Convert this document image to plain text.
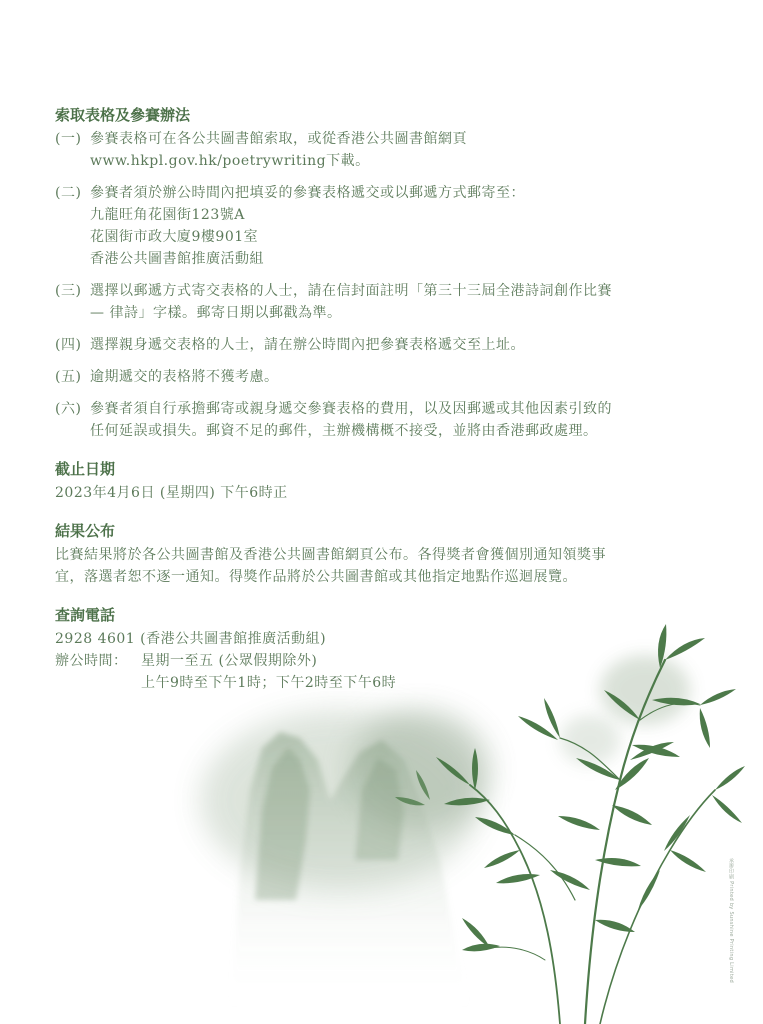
索取表格及參賽辦法
(一) 參賽表格可在各公共圖書館索取，或從香港公共圖書館網頁
www.hkpl.gov.hk/poetrywriting下載。
(二) 參賽者須於辦公時間內把填妥的參賽表格遞交或以郵遞方式郵寄至：
九龍旺角花園街123號A
花園街市政大廈9樓901室
香港公共圖書館推廣活動組
(三) 選擇以郵遞方式寄交表格的人士，請在信封面註明「第三十三屆全港詩詞創作比賽
— 律詩」字樣。郵寄日期以郵戳為準。
(四) 選擇親身遞交表格的人士，請在辦公時間內把參賽表格遞交至上址。
(五) 逾期遞交的表格將不獲考慮。
(六) 參賽者須自行承擔郵寄或親身遞交參賽表格的費用，以及因郵遞或其他因素引致的
任何延誤或損失。郵資不足的郵件，主辦機構概不接受，並將由香港郵政處理。
截止日期
2023年4月6日 (星期四) 下午6時正
結果公布
比賽結果將於各公共圖書館及香港公共圖書館網頁公布。各得獎者會獲個別通知領獎事
宜，落選者恕不逐一通知。得獎作品將於公共圖書館或其他指定地點作巡迴展覽。
查詢電話
2928 4601 (香港公共圖書館推廣活動組)
辦公時間： 星期一至五 (公眾假期除外)
上午9時至下午1時；下午2時至下午6時
承辦印刷 Printed by Sunshine Printing Limited
